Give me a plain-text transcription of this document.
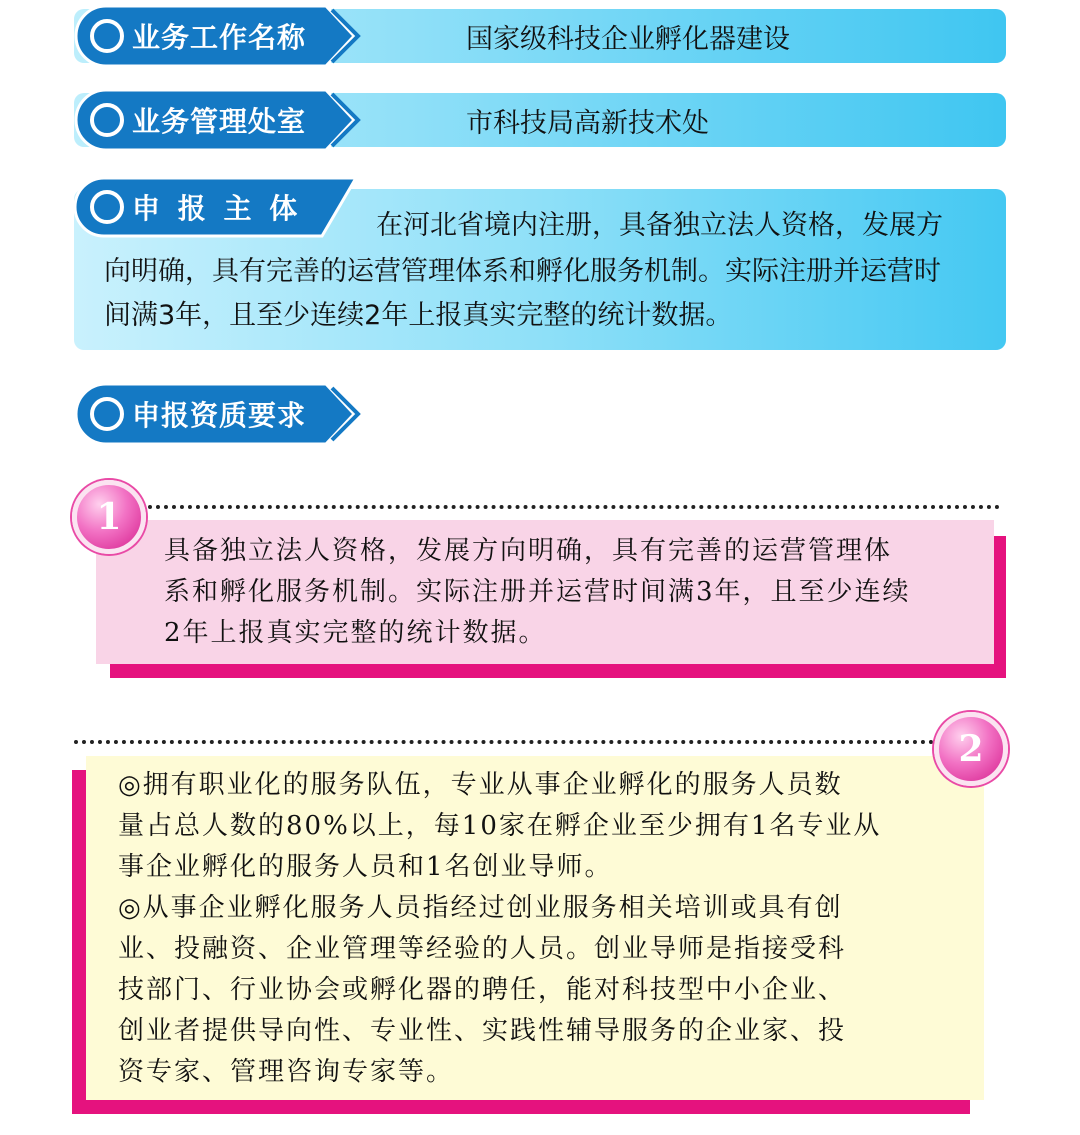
国家级科技企业孵化器建设
业务工作名称
市科技局高新技术处
业务管理处室
申 报 主 体
在河北省境内注册，具备独立法人资格，发展方
向明确，具有完善的运营管理体系和孵化服务机制。实际注册并运营时
间满3年，且至少连续2年上报真实完整的统计数据。
申报资质要求
1
具备独立法人资格，发展方向明确，具有完善的运营管理体
系和孵化服务机制。实际注册并运营时间满3年，且至少连续
2年上报真实完整的统计数据。
2
◎拥有职业化的服务队伍，专业从事企业孵化的服务人员数
量占总人数的80%以上，每10家在孵企业至少拥有1名专业从
事企业孵化的服务人员和1名创业导师。
◎从事企业孵化服务人员指经过创业服务相关培训或具有创
业、投融资、企业管理等经验的人员。创业导师是指接受科
技部门、行业协会或孵化器的聘任，能对科技型中小企业、
创业者提供导向性、专业性、实践性辅导服务的企业家、投
资专家、管理咨询专家等。
